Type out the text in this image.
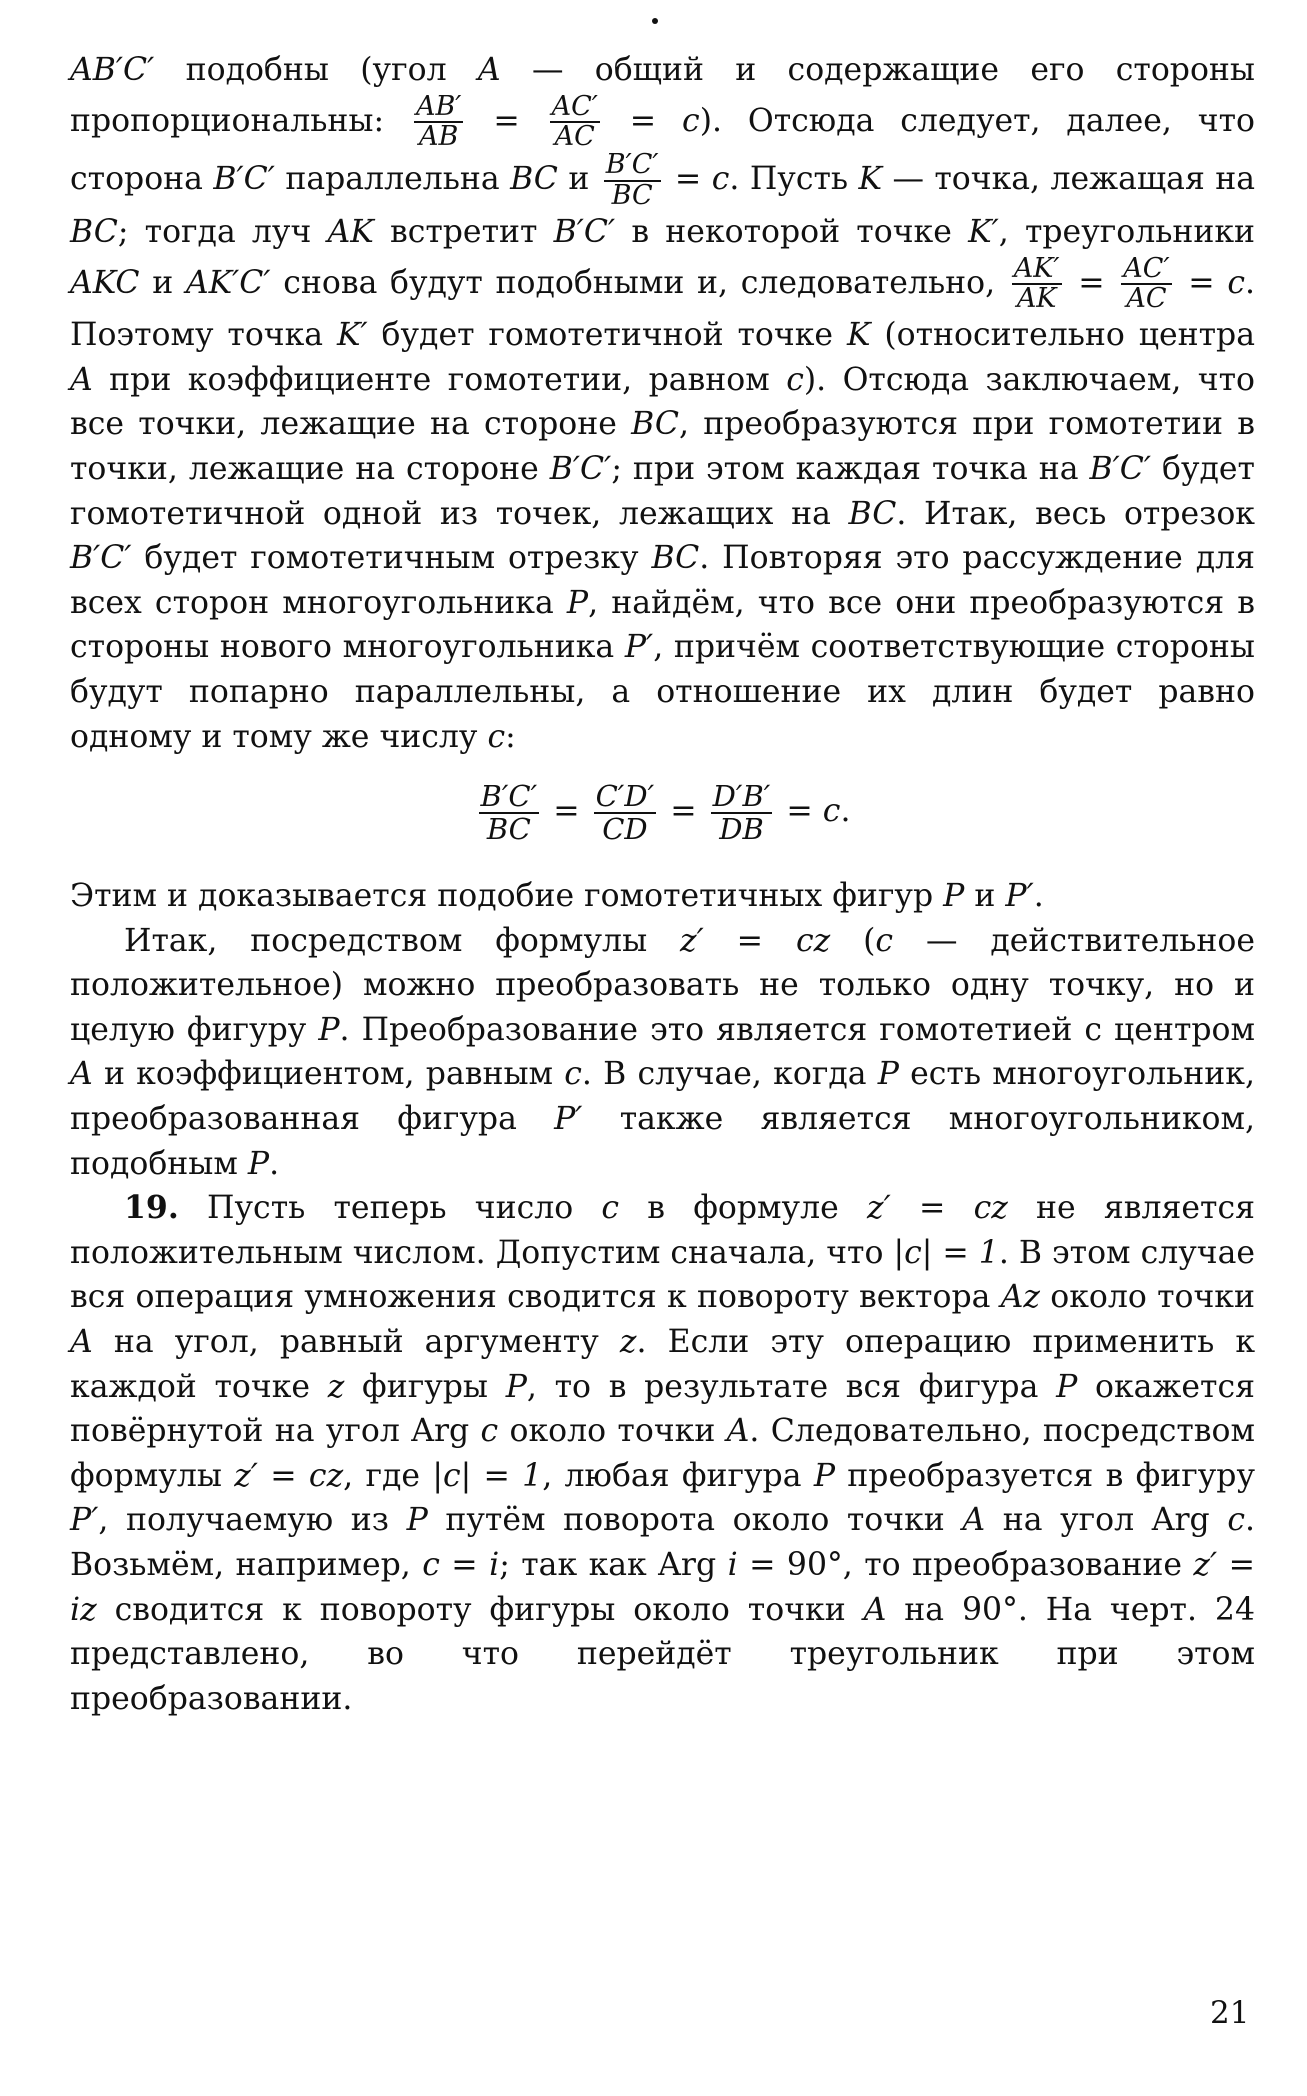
AB′C′ подобны (угол A — общий и содержащие его стороны пропорциональны: $\frac{AB'}{AB} = \frac{AC'}{AC} = c$). Отсюда следует, далее, что сторона B′C′ параллельна BC и $\frac{B'C'}{BC} = c$. Пусть K — точка, лежащая на BC; тогда луч AK встретит B′C′ в некоторой точке K′, треугольники AKC и AK′C′ снова будут подобными и, следовательно, $\frac{AK'}{AK} = \frac{AC'}{AC} = c$. Поэтому точка K′ будет гомотетичной точке K (относительно центра A при коэффициенте гомотетии, равном c). Отсюда заключаем, что все точки, лежащие на стороне BC, преобразуются при гомотетии в точки, лежащие на стороне B′C′; при этом каждая точка на B′C′ будет гомотетичной одной из точек, лежащих на BC. Итак, весь отрезок B′C′ будет гомотетичным отрезку BC. Повторяя это рассуждение для всех сторон многоугольника P, найдём, что все они преобразуются в стороны нового многоугольника P′, причём соответствующие стороны будут попарно параллельны, а отношение их длин будет равно одному и тому же числу c:

$\frac{B'C'}{BC} = \frac{C'D'}{CD} = \frac{D'B'}{DB} = c$.

Этим и доказывается подобие гомотетичных фигур P и P′.

Итак, посредством формулы z′ = cz (c — действительное положительное) можно преобразовать не только одну точку, но и целую фигуру P. Преобразование это является гомотетией с центром A и коэффициентом, равным c. В случае, когда P есть многоугольник, преобразованная фигура P′ также является многоугольником, подобным P.

19. Пусть теперь число c в формуле z′ = cz не является положительным числом. Допустим сначала, что |c| = 1. В этом случае вся операция умножения сводится к повороту вектора Az около точки A на угол, равный аргументу z. Если эту операцию применить к каждой точке z фигуры P, то в результате вся фигура P окажется повёрнутой на угол Arg c около точки A. Следовательно, посредством формулы z′ = cz, где |c| = 1, любая фигура P преобразуется в фигуру P′, получаемую из P путём поворота около точки A на угол Arg c. Возьмём, например, c = i; так как Arg i = 90°, то преобразование z′ = iz сводится к повороту фигуры около точки A на 90°. На черт. 24 представлено, во что перейдёт треугольник при этом преобразовании.

21
